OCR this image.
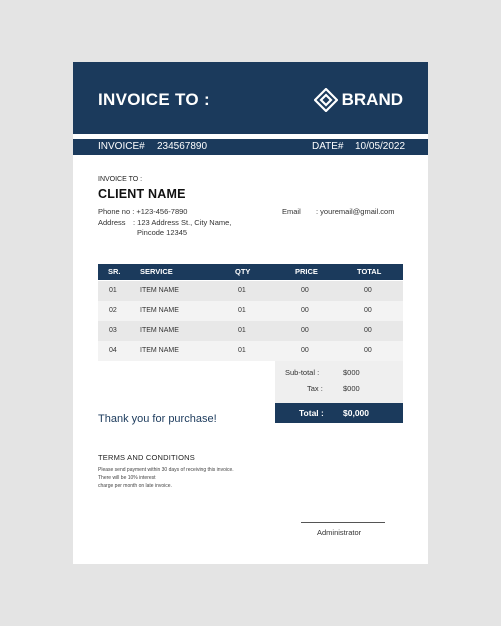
INVOICE TO :	BRAND
INVOICE# 234567890	DATE# 10/05/2022
INVOICE TO :
CLIENT NAME
Phone no : +123-456-7890
Address : 123 Address St., City Name,
Pincode 12345
Email : youremail@gmail.com
SR.	SERVICE	QTY	PRICE	TOTAL
01	ITEM NAME	01	00	00
02	ITEM NAME	01	00	00
03	ITEM NAME	01	00	00
04	ITEM NAME	01	00	00
Sub-total :	$000
Tax :	$000
Total : $0,000
Thank you for purchase!
TERMS AND CONDITIONS
Please send payment within 30 days of receiving this invoice.
There will be 10% interest
charge per month on late invoice.
Administrator
